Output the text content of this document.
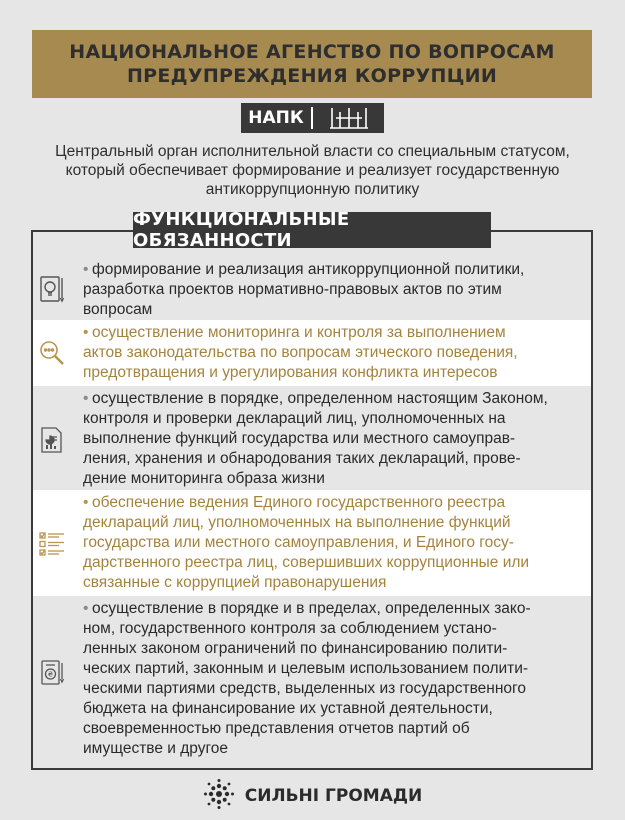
НАЦИОНАЛЬНОЕ АГЕНСТВО ПО ВОПРОСАМ
ПРЕДУПРЕЖДЕНИЯ КОРРУПЦИИ
НАПК
Центральный орган исполнительной власти со специальным статусом,
который обеспечивает формирование и реализует государственную
антикоррупционную политику
ФУНКЦИОНАЛЬНЫЕ ОБЯЗАННОСТИ
• формирование и реализация антикоррупционной политики,
разработка проектов нормативно-правовых актов по этим
вопросам
• осуществление мониторинга и контроля за выполнением
актов законодательства по вопросам этического поведения,
предотвращения и урегулирования конфликта интересов
• осуществление в порядке, определенном настоящим Законом,
контроля и проверки деклараций лиц, уполномоченных на
выполнение функций государства или местного самоуправ-
ления, хранения и обнародования таких деклараций, прове-
дение мониторинга образа жизни
• обеспечение ведения Единого государственного реестра
деклараций лиц, уполномоченных на выполнение функций
государства или местного самоуправления, и Единого госу-
дарственного реестра лиц, совершивших коррупционные или
связанные с коррупцией правонарушения
₴
• осуществление в порядке и в пределах, определенных зако-
ном, государственного контроля за соблюдением устано-
ленных законом ограничений по финансированию полити-
ческих партий, законным и целевым использованием полити-
ческими партиями средств, выделенных из государственного
бюджета на финансирование их уставной деятельности,
своевременностью представления отчетов партий об
имуществе и другое
СИЛЬНІ ГРОМАДИ
